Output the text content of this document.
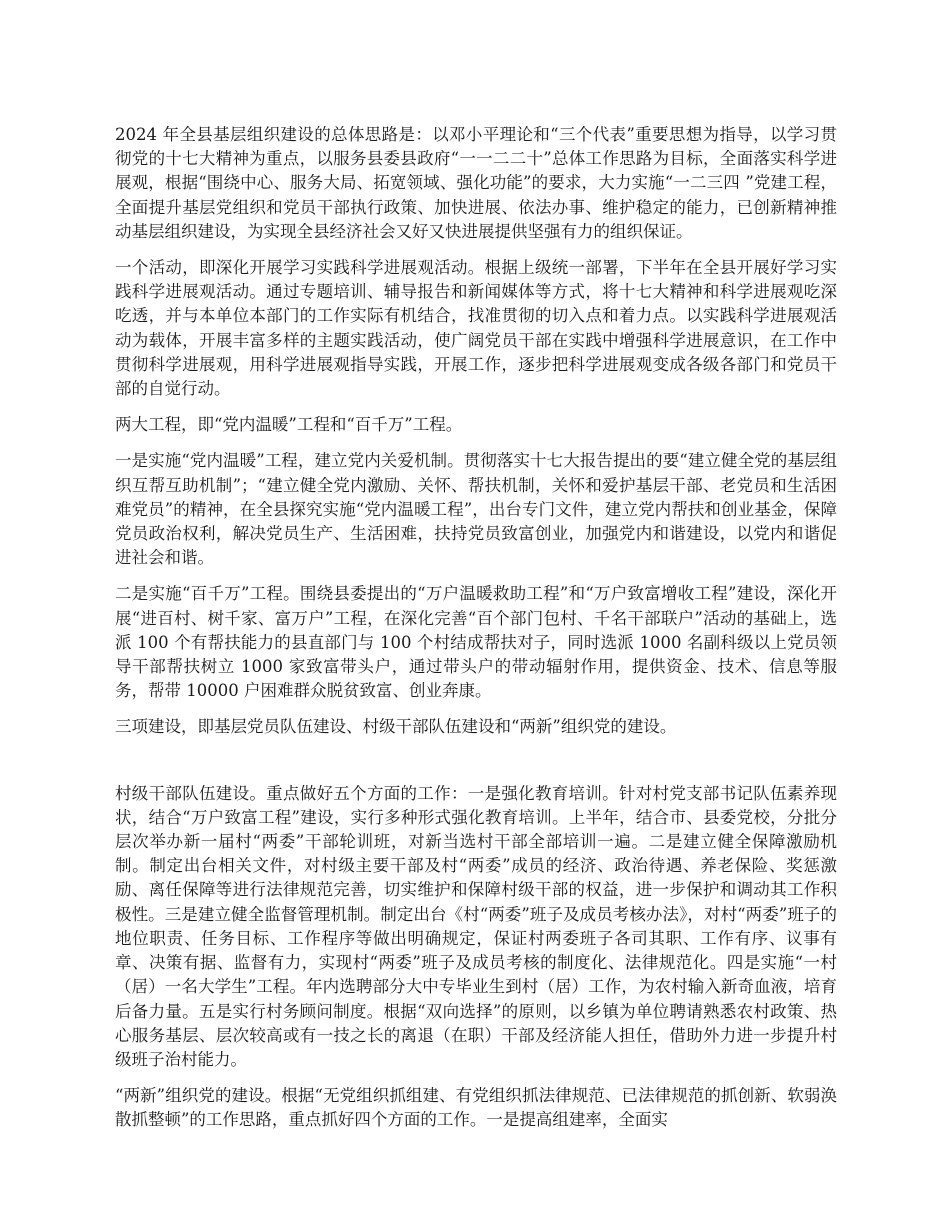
2024 年全县基层组织建设的总体思路是：以邓小平理论和“三个代表”重要思想为指导，以学习贯彻党的十七大精神为重点，以服务县委县政府“一一二二十”总体工作思路为目标，全面落实科学进展观，根据“围绕中心、服务大局、拓宽领域、强化功能”的要求，大力实施“一二三四 ”党建工程，全面提升基层党组织和党员干部执行政策、加快进展、依法办事、维护稳定的能力，已创新精神推动基层组织建设，为实现全县经济社会又好又快进展提供坚强有力的组织保证。

一个活动，即深化开展学习实践科学进展观活动。根据上级统一部署，下半年在全县开展好学习实践科学进展观活动。通过专题培训、辅导报告和新闻媒体等方式，将十七大精神和科学进展观吃深吃透，并与本单位本部门的工作实际有机结合，找准贯彻的切入点和着力点。以实践科学进展观活动为载体，开展丰富多样的主题实践活动，使广阔党员干部在实践中增强科学进展意识，在工作中贯彻科学进展观，用科学进展观指导实践，开展工作，逐步把科学进展观变成各级各部门和党员干部的自觉行动。

两大工程，即“党内温暖”工程和“百千万”工程。

一是实施“党内温暖”工程，建立党内关爱机制。贯彻落实十七大报告提出的要“建立健全党的基层组织互帮互助机制”；“建立健全党内激励、关怀、帮扶机制，关怀和爱护基层干部、老党员和生活困难党员”的精神，在全县探究实施“党内温暖工程”，出台专门文件，建立党内帮扶和创业基金，保障党员政治权利，解决党员生产、生活困难，扶持党员致富创业，加强党内和谐建设，以党内和谐促进社会和谐。

二是实施“百千万”工程。围绕县委提出的“万户温暖救助工程”和“万户致富增收工程”建设，深化开展“进百村、树千家、富万户”工程，在深化完善“百个部门包村、千名干部联户”活动的基础上，选派 100 个有帮扶能力的县直部门与 100 个村结成帮扶对子，同时选派 1000 名副科级以上党员领导干部帮扶树立 1000 家致富带头户，通过带头户的带动辐射作用，提供资金、技术、信息等服务，帮带 10000 户困难群众脱贫致富、创业奔康。

三项建设，即基层党员队伍建设、村级干部队伍建设和“两新”组织党的建设。

村级干部队伍建设。重点做好五个方面的工作：一是强化教育培训。针对村党支部书记队伍素养现状，结合“万户致富工程”建设，实行多种形式强化教育培训。上半年，结合市、县委党校，分批分层次举办新一届村“两委”干部轮训班，对新当选村干部全部培训一遍。二是建立健全保障激励机制。制定出台相关文件，对村级主要干部及村“两委”成员的经济、政治待遇、养老保险、奖惩激励、离任保障等进行法律规范完善，切实维护和保障村级干部的权益，进一步保护和调动其工作积极性。三是建立健全监督管理机制。制定出台《村“两委”班子及成员考核办法》，对村“两委”班子的地位职责、任务目标、工作程序等做出明确规定，保证村两委班子各司其职、工作有序、议事有章、决策有据、监督有力，实现村“两委”班子及成员考核的制度化、法律规范化。四是实施“一村（居）一名大学生”工程。年内选聘部分大中专毕业生到村（居）工作，为农村输入新奇血液，培育后备力量。五是实行村务顾问制度。根据“双向选择”的原则，以乡镇为单位聘请熟悉农村政策、热心服务基层、层次较高或有一技之长的离退（在职）干部及经济能人担任，借助外力进一步提升村级班子治村能力。

“两新”组织党的建设。根据“无党组织抓组建、有党组织抓法律规范、已法律规范的抓创新、软弱涣散抓整顿”的工作思路，重点抓好四个方面的工作。一是提高组建率，全面实
